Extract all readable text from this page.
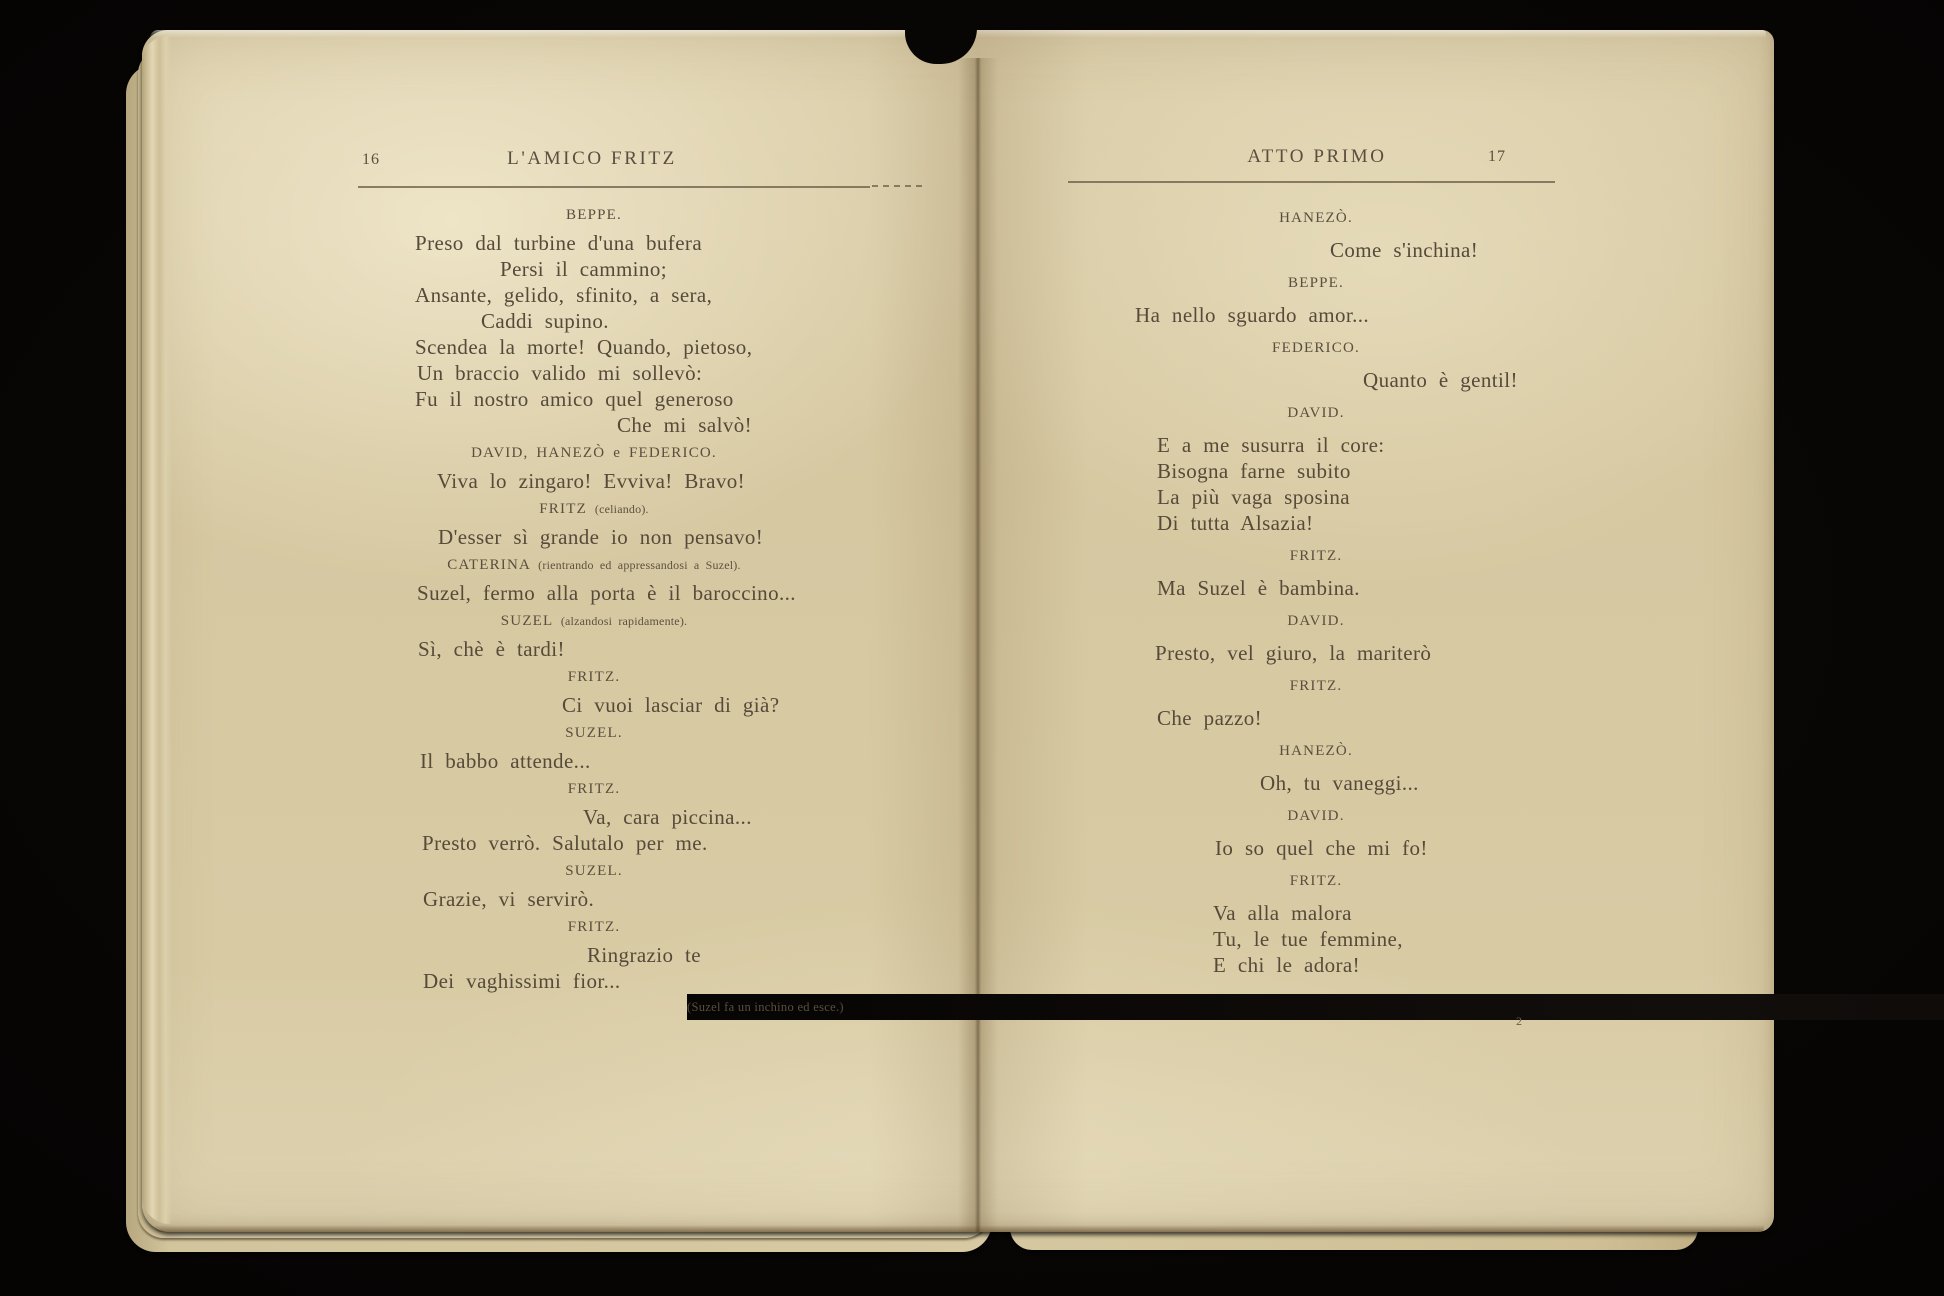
16	L'AMICO FRITZ	ATTO PRIMO	17
BEPPE.
Preso dal turbine d'una bufera
Persi il cammino;
Ansante, gelido, sfinito, a sera,
Caddi supino.
Scendea la morte! Quando, pietoso,
Un braccio valido mi sollevò:
Fu il nostro amico quel generoso
Che mi salvò!
DAVID, HANEZÒ e FEDERICO.
Viva lo zingaro! Evviva! Bravo!
FRITZ (celiando).
D'esser sì grande io non pensavo!
CATERINA (rientrando ed appressandosi a Suzel).
Suzel, fermo alla porta è il baroccino...
SUZEL (alzandosi rapidamente).
Sì, chè è tardi!
FRITZ.
Ci vuoi lasciar di già?
SUZEL.
Il babbo attende...
FRITZ.
Va, cara piccina...
Presto verrò. Salutalo per me.
SUZEL.
Grazie, vi servirò.
FRITZ.
Ringrazio te
Dei vaghissimi fior...
(Suzel fa un inchino ed esce.)
HANEZÒ.
Come s'inchina!
BEPPE.
Ha nello sguardo amor...
FEDERICO.
Quanto è gentil!
DAVID.
E a me susurra il core:
Bisogna farne subito
La più vaga sposina
Di tutta Alsazia!
FRITZ.
Ma Suzel è bambina.
DAVID.
Presto, vel giuro, la mariterò
FRITZ.
Che pazzo!
HANEZÒ.
Oh, tu vaneggi...
DAVID.
Io so quel che mi fo!
FRITZ.
Va alla malora
Tu, le tue femmine,
E chi le adora!
2
